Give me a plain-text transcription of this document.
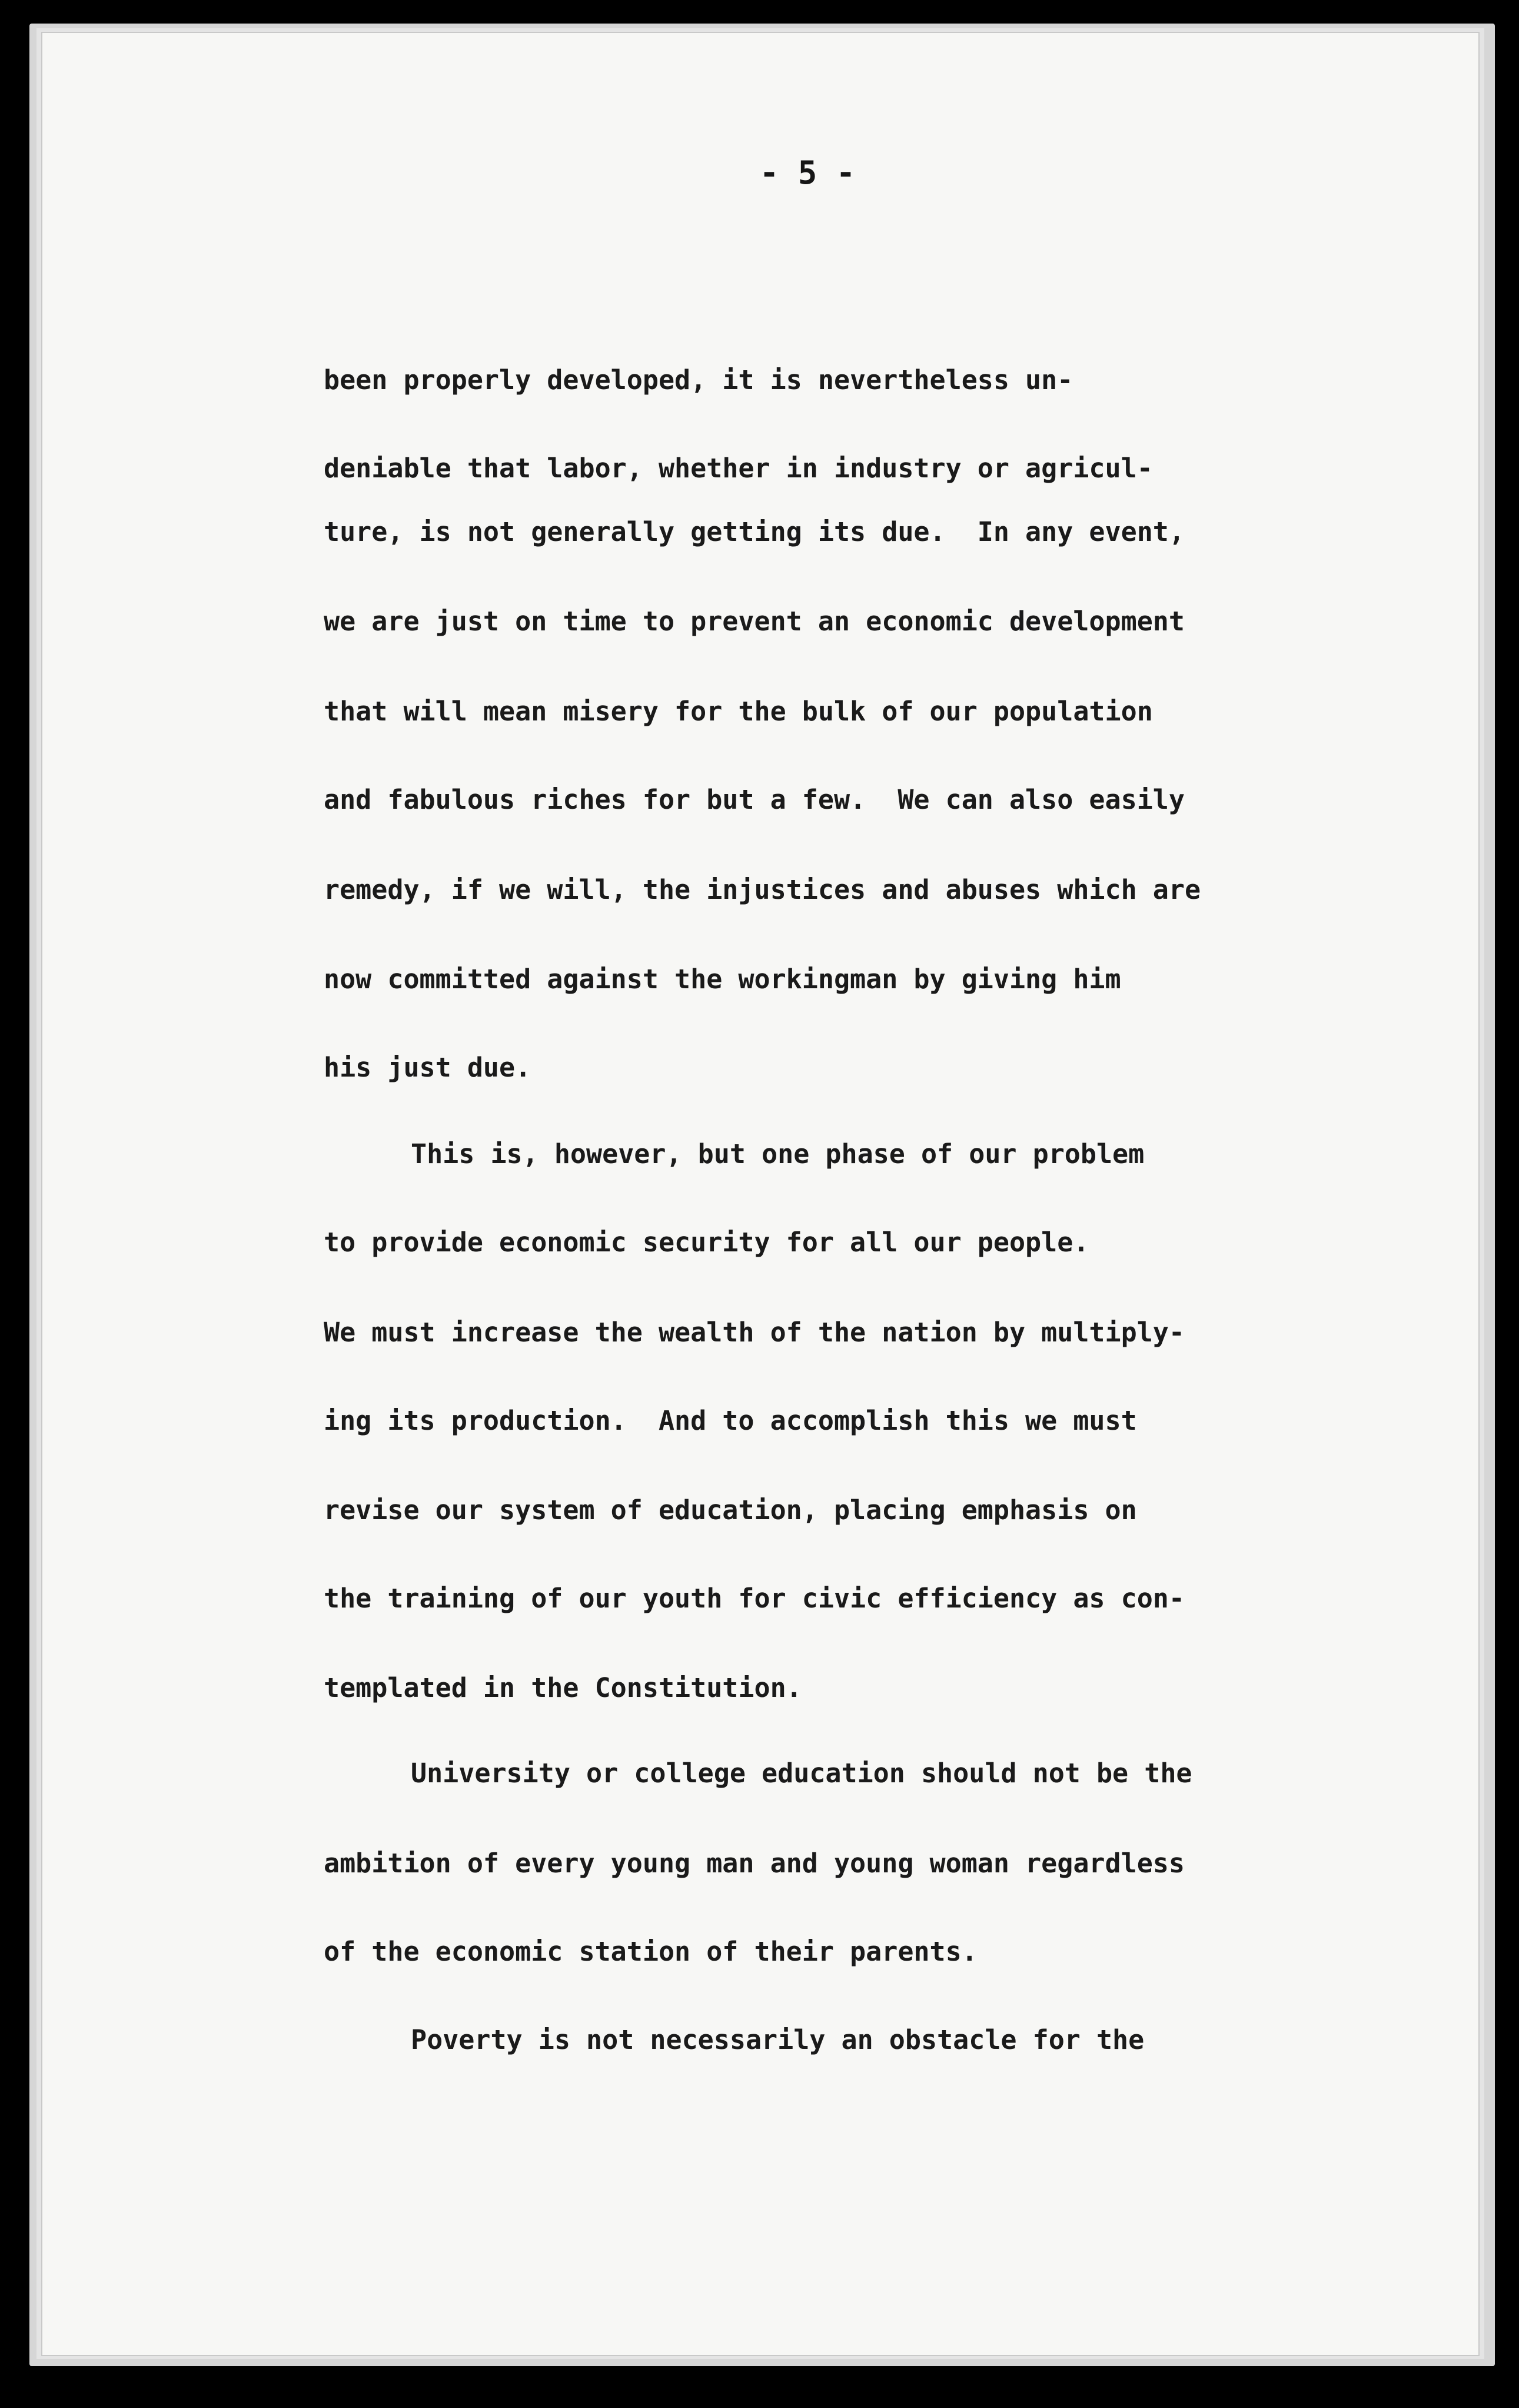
- 5 -
been properly developed, it is nevertheless un-
deniable that labor, whether in industry or agricul-
ture, is not generally getting its due.  In any event,
we are just on time to prevent an economic development
that will mean misery for the bulk of our population
and fabulous riches for but a few.  We can also easily
remedy, if we will, the injustices and abuses which are
now committed against the workingman by giving him
his just due.
This is, however, but one phase of our problem
to provide economic security for all our people.
We must increase the wealth of the nation by multiply-
ing its production.  And to accomplish this we must
revise our system of education, placing emphasis on
the training of our youth for civic efficiency as con-
templated in the Constitution.
University or college education should not be the
ambition of every young man and young woman regardless
of the economic station of their parents.
Poverty is not necessarily an obstacle for the
